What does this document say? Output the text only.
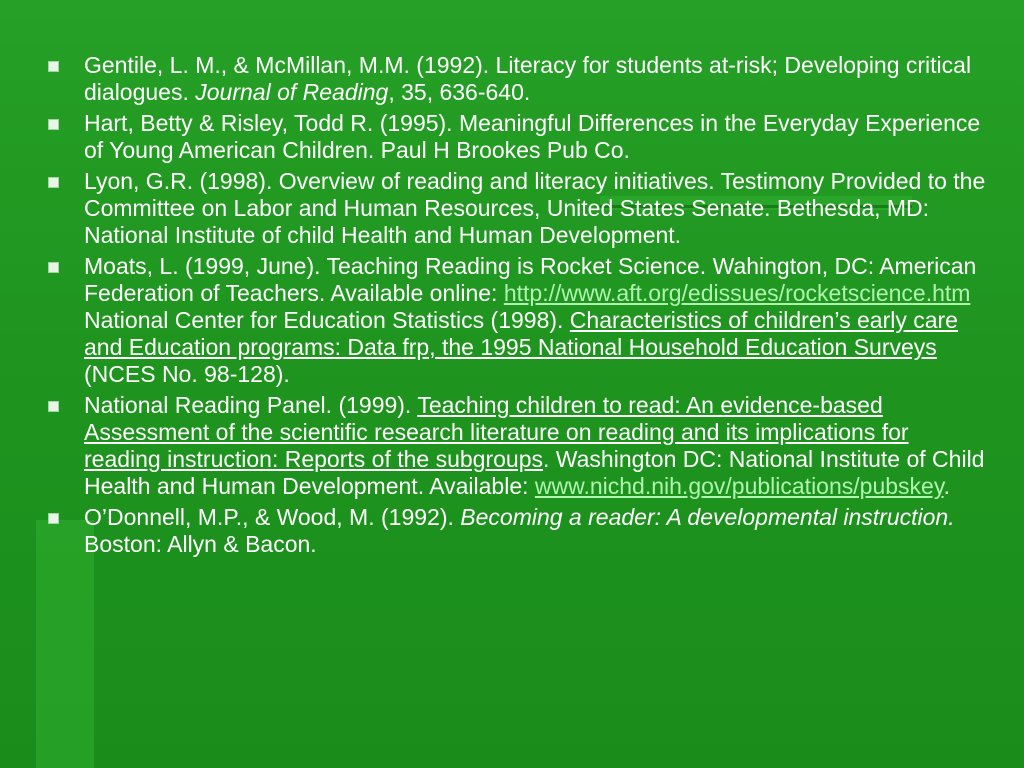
Gentile, L. M., & McMillan, M.M. (1992). Literacy for students at-risk; Developing critical dialogues. Journal of Reading, 35, 636-640.
Hart, Betty & Risley, Todd R. (1995). Meaningful Differences in the Everyday Experience of Young American Children. Paul H Brookes Pub Co.
Lyon, G.R. (1998). Overview of reading and literacy initiatives. Testimony Provided to the Committee on Labor and Human Resources, United States Senate. Bethesda, MD: National Institute of child Health and Human Development.
Moats, L. (1999, June). Teaching Reading is Rocket Science. Wahington, DC: American Federation of Teachers. Available online: http://www.aft.org/edissues/rocketscience.htm National Center for Education Statistics (1998). Characteristics of children’s early care and Education programs: Data frp, the 1995 National Household Education Surveys (NCES No. 98-128).
National Reading Panel. (1999). Teaching children to read: An evidence-based Assessment of the scientific research literature on reading and its implications for reading instruction: Reports of the subgroups. Washington DC: National Institute of Child Health and Human Development. Available: www.nichd.nih.gov/publications/pubskey.
O’Donnell, M.P., & Wood, M. (1992). Becoming a reader: A developmental instruction. Boston: Allyn & Bacon.
